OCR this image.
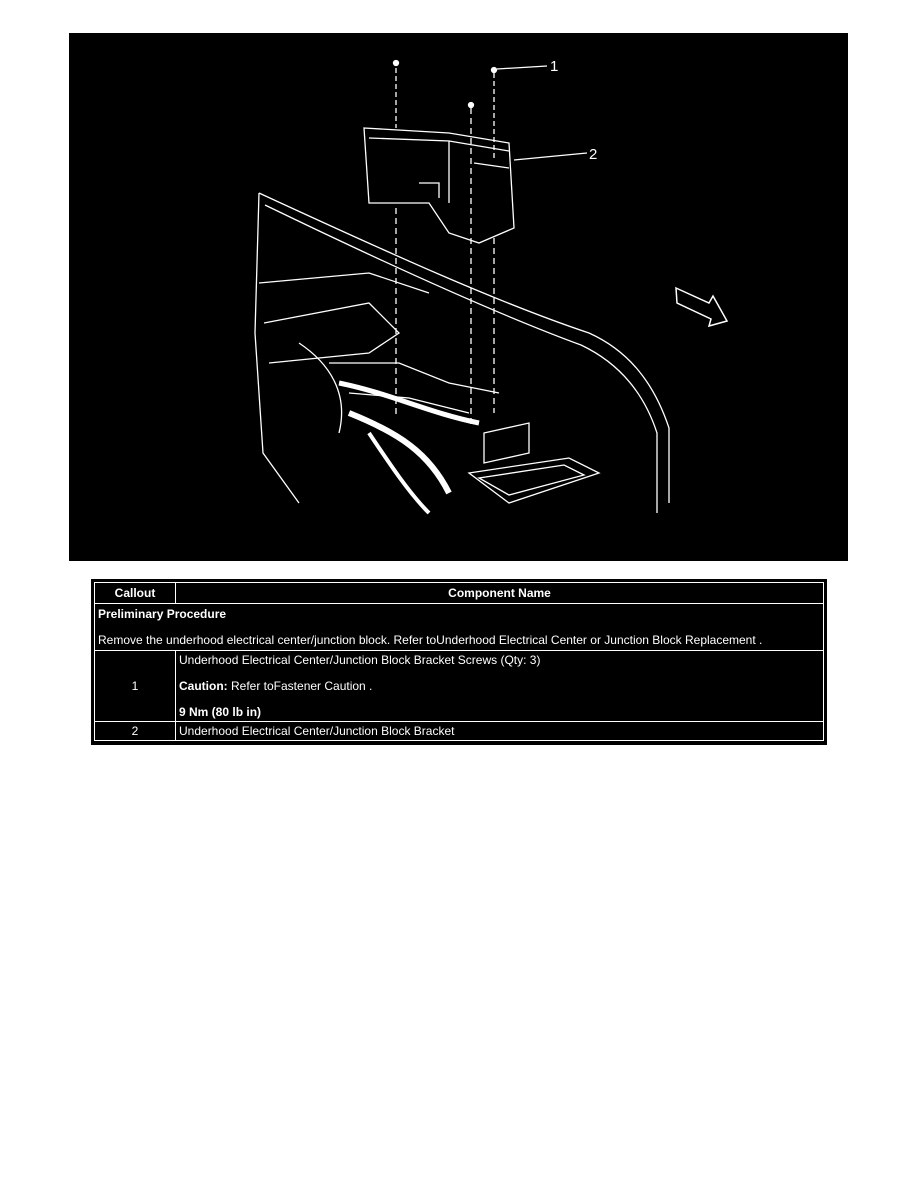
1
2
Callout	Component Name

Preliminary Procedure
Remove the underhood electrical center/junction block. Refer toUnderhood Electrical Center or Junction Block Replacement .	

1	Underhood Electrical Center/Junction Block Bracket Screws (Qty: 3)
Caution: Refer toFastener Caution .
9 Nm (80 lb in)

2	Underhood Electrical Center/Junction Block Bracket
